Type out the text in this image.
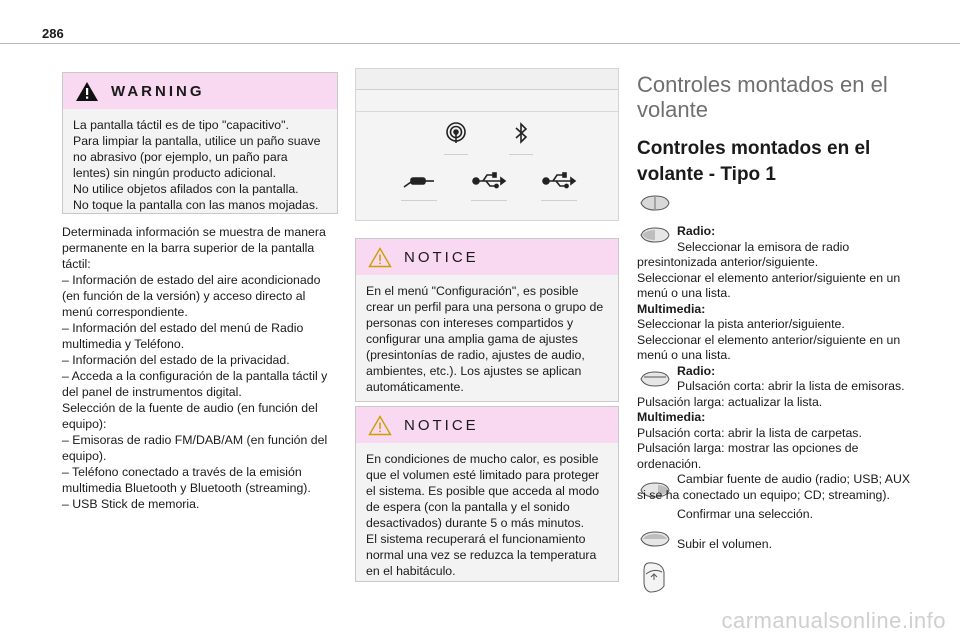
286
WARNING

La pantalla táctil es de tipo "capacitivo".

Para limpiar la pantalla, utilice un paño suave no abrasivo (por ejemplo, un paño para lentes) sin ningún producto adicional.

No utilice objetos afilados con la pantalla.

No toque la pantalla con las manos mojadas.

Determinada información se muestra de manera permanente en la barra superior de la pantalla táctil:

– Información de estado del aire acondicionado (en función de la versión) y acceso directo al menú correspondiente.

– Información del estado del menú de Radio multimedia y Teléfono.

– Información del estado de la privacidad.

– Acceda a la configuración de la pantalla táctil y del panel de instrumentos digital.

Selección de la fuente de audio (en función del equipo):

– Emisoras de radio FM/DAB/AM (en función del equipo).

– Teléfono conectado a través de la emisión multimedia Bluetooth y Bluetooth (streaming).

– USB Stick de memoria.

NOTICE

En el menú "Configuración", es posible crear un perfil para una persona o grupo de personas con intereses compartidos y configurar una amplia gama de ajustes (presintonías de radio, ajustes de audio, ambientes, etc.). Los ajustes se aplican automáticamente.

NOTICE

En condiciones de mucho calor, es posible que el volumen esté limitado para proteger el sistema. Es posible que acceda al modo de espera (con la pantalla y el sonido desactivados) durante 5 o más minutos.

El sistema recuperará el funcionamiento normal una vez se reduzca la temperatura en el habitáculo.

Controles montados en el volante
Controles montados en el volante - Tipo 1

Radio:

Seleccionar la emisora de radio presintonizada anterior/siguiente.

Seleccionar el elemento anterior/siguiente en un menú o una lista.

Multimedia:

Seleccionar la pista anterior/siguiente.

Seleccionar el elemento anterior/siguiente en un menú o una lista.

Radio:

Pulsación corta: abrir la lista de emisoras.

Pulsación larga: actualizar la lista.

Multimedia:

Pulsación corta: abrir la lista de carpetas.

Pulsación larga: mostrar las opciones de ordenación.

Cambiar fuente de audio (radio; USB; AUX si se ha conectado un equipo; CD; streaming).

Confirmar una selección.

Subir el volumen.

carmanualsonline.info
